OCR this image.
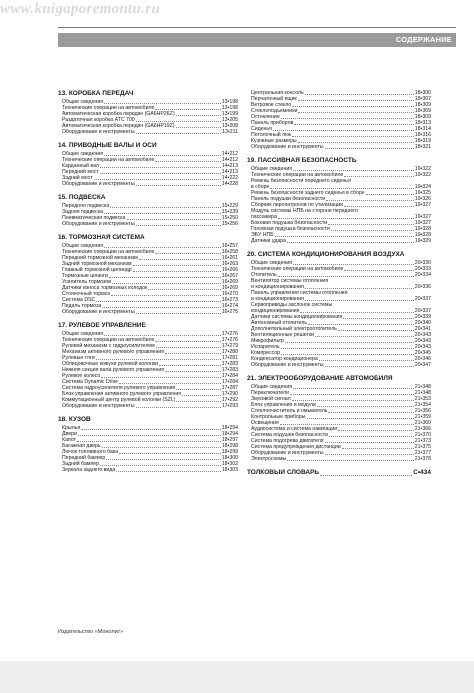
www.knigaporemontu.ru
СОДЕРЖАНИЕ
13. КОРОБКА ПЕРЕДАЧ
Общие сведения	13•198
Технические операции на автомобиле	13•198
Автоматическая коробка передач (GA6HP26Z)	13•199
Раздаточная коробка АТС 700	13•205
Автоматическая коробка передач (GA6HP19Z)	13•208
Оборудование и инструменты	13•211
14. ПРИВОДНЫЕ ВАЛЫ И ОСИ
Общие сведения	14•212
Технические операции на автомобиле	14•212
Карданный вал	14•213
Передний мост	14•213
Задний мост	14•222
Оборудование и инструменты	14•228
15. ПОДВЕСКА
Передняя подвеска	15•229
Задняя подвеска	15•239
Пневматическая подвеска	15•250
Оборудование и инструменты	15•256
16. ТОРМОЗНАЯ СИСТЕМА
Общие сведения	16•257
Технические операции на автомобиле	16•258
Передний тормозной механизм	16•261
Задний тормозной механизм	16•263
Главный тормозной цилиндр	16•266
Тормозные шланги	16•267
Усилитель тормозов	16•269
Датчики износа тормозных колодок	16•269
Стояночный тормоз	16•270
Система DSC	16•273
Педаль тормоза	16•274
Оборудование и инструменты	16•275
17. РУЛЕВОЕ УПРАВЛЕНИЕ
Общие сведения	17•276
Технические операции на автомобиле	17•276
Рулевой механизм с гидроусилителем	17•279
Механизм активного рулевого управления	17•280
Рулевые тяги	17•281
Облицовочные кожухи рулевой колонки	17•283
Нижняя секция вала рулевого управления	17•283
Рулевое колесо	17•284
Система Dynamic Drive	17•284
Система гидроусилителя рулевого управления	17•287
Блок управления активного рулевого управления	17•290
Коммутационный центр рулевой колонки (SZL)	17•292
Оборудование и инструменты	17•293
18. КУЗОВ
Крылья	18•294
Двери	18•294
Капот	18•297
Багажная дверь	18•298
Лючок топливного бака	18•299
Передний бампер	18•300
Задний бампер	18•302
Зеркала заднего вида	18•303
Центральная консоль	18•306
Перчаточный ящик	18•307
Ветровое стекло	18•309
Стеклоподъемники	18•309
Остекление	18•309
Панель приборов	18•313
Сиденья	18•314
Потолочный люк	18•316
Кузовные размеры	18•319
Оборудование и инструменты	18•321
19. ПАССИВНАЯ БЕЗОПАСНОСТЬ
Общие сведения	19•322
Технические операции на автомобиле	19•322
Ремень безопасности переднего сиденья
в сборе	19•324
Ремень безопасности заднего сиденья в сборе	19•325
Панель подушки безопасности	19•326
Сборник пиропатронов по утилизации	19•327
Модуль системы НПБ на стороне переднего
пассажира	19•327
Боковая подушка безопасности	19•327
Головная подушка безопасности	19•328
ЭБУ НПБ	19•328
Датчики удара	19•329
20. СИСТЕМА КОНДИЦИОНИРОВАНИЯ ВОЗДУХА
Общие сведения	20•330
Технические операции на автомобиле	20•333
Отопитель	20•334
Вентилятор системы отопления
и кондиционирования	20•336
Панель управления системы отопления
и кондиционирования	20•337
Сервоприводы заслонок системы
кондиционирования	20•337
Датчики системы кондиционирования	20•339
Автономный отопитель	20•340
Дополнительный электроотопитель	20•341
Вентиляционные решетки	20•343
Микрофильтр	20•343
Испаритель	20•343
Компрессор	20•345
Конденсатор кондиционера	20•346
Оборудование и инструменты	20•347
21. ЭЛЕКТРООБОРУДОВАНИЕ АВТОМОБИЛЯ
Общие сведения	21•348
Переключатели	21•348
Звуковой сигнал	21•353
Блок управления и модули	21•354
Стеклоочиститель и омыватель	21•356
Контрольные приборы	21•359
Освещение	21•360
Аудиосистема и система навигации	21•366
Система подушек безопасности	21•370
Система подогрева двигателя	21•373
Система предупреждения дистанции	21•375
Оборудование и инструменты	21•377
Электросхемы	21•378
ТОЛКОВЫЙ СЛОВАРЬ	С•434
Издательство «Монолит»
